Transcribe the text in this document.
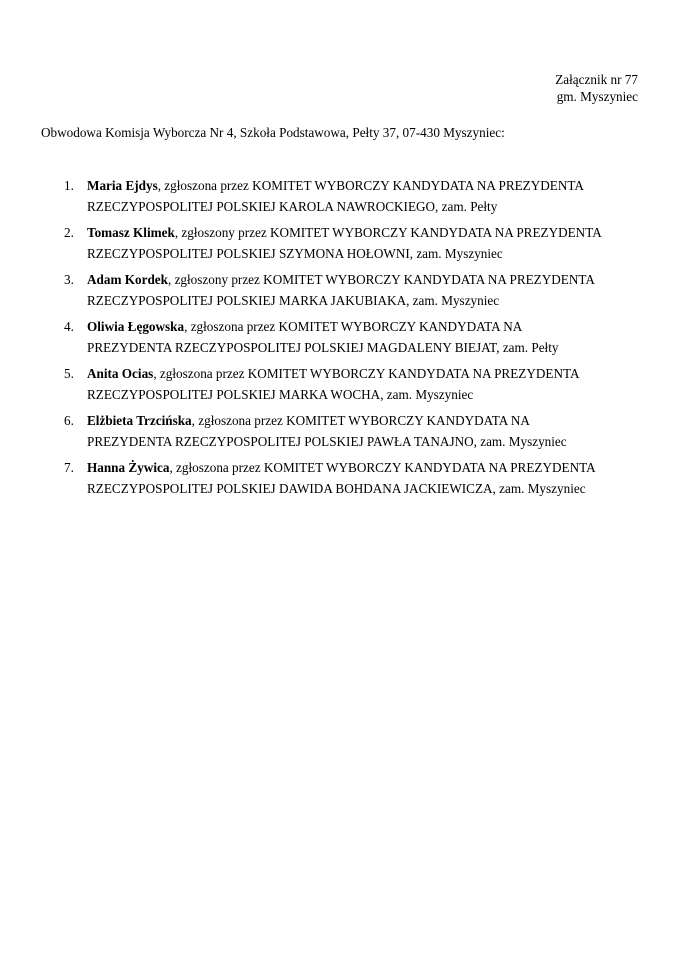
Załącznik nr 77
gm. Myszyniec
Obwodowa Komisja Wyborcza Nr 4, Szkoła Podstawowa, Pełty 37, 07-430 Myszyniec:
1. Maria Ejdys, zgłoszona przez KOMITET WYBORCZY KANDYDATA NA PREZYDENTA
RZECZYPOSPOLITEJ POLSKIEJ KAROLA NAWROCKIEGO, zam. Pełty
2. Tomasz Klimek, zgłoszony przez KOMITET WYBORCZY KANDYDATA NA PREZYDENTA
RZECZYPOSPOLITEJ POLSKIEJ SZYMONA HOŁOWNI, zam. Myszyniec
3. Adam Kordek, zgłoszony przez KOMITET WYBORCZY KANDYDATA NA PREZYDENTA
RZECZYPOSPOLITEJ POLSKIEJ MARKA JAKUBIAKA, zam. Myszyniec
4. Oliwia Łęgowska, zgłoszona przez KOMITET WYBORCZY KANDYDATA NA
PREZYDENTA RZECZYPOSPOLITEJ POLSKIEJ MAGDALENY BIEJAT, zam. Pełty
5. Anita Ocias, zgłoszona przez KOMITET WYBORCZY KANDYDATA NA PREZYDENTA
RZECZYPOSPOLITEJ POLSKIEJ MARKA WOCHA, zam. Myszyniec
6. Elżbieta Trzcińska, zgłoszona przez KOMITET WYBORCZY KANDYDATA NA
PREZYDENTA RZECZYPOSPOLITEJ POLSKIEJ PAWŁA TANAJNO, zam. Myszyniec
7. Hanna Żywica, zgłoszona przez KOMITET WYBORCZY KANDYDATA NA PREZYDENTA
RZECZYPOSPOLITEJ POLSKIEJ DAWIDA BOHDANA JACKIEWICZA, zam. Myszyniec
